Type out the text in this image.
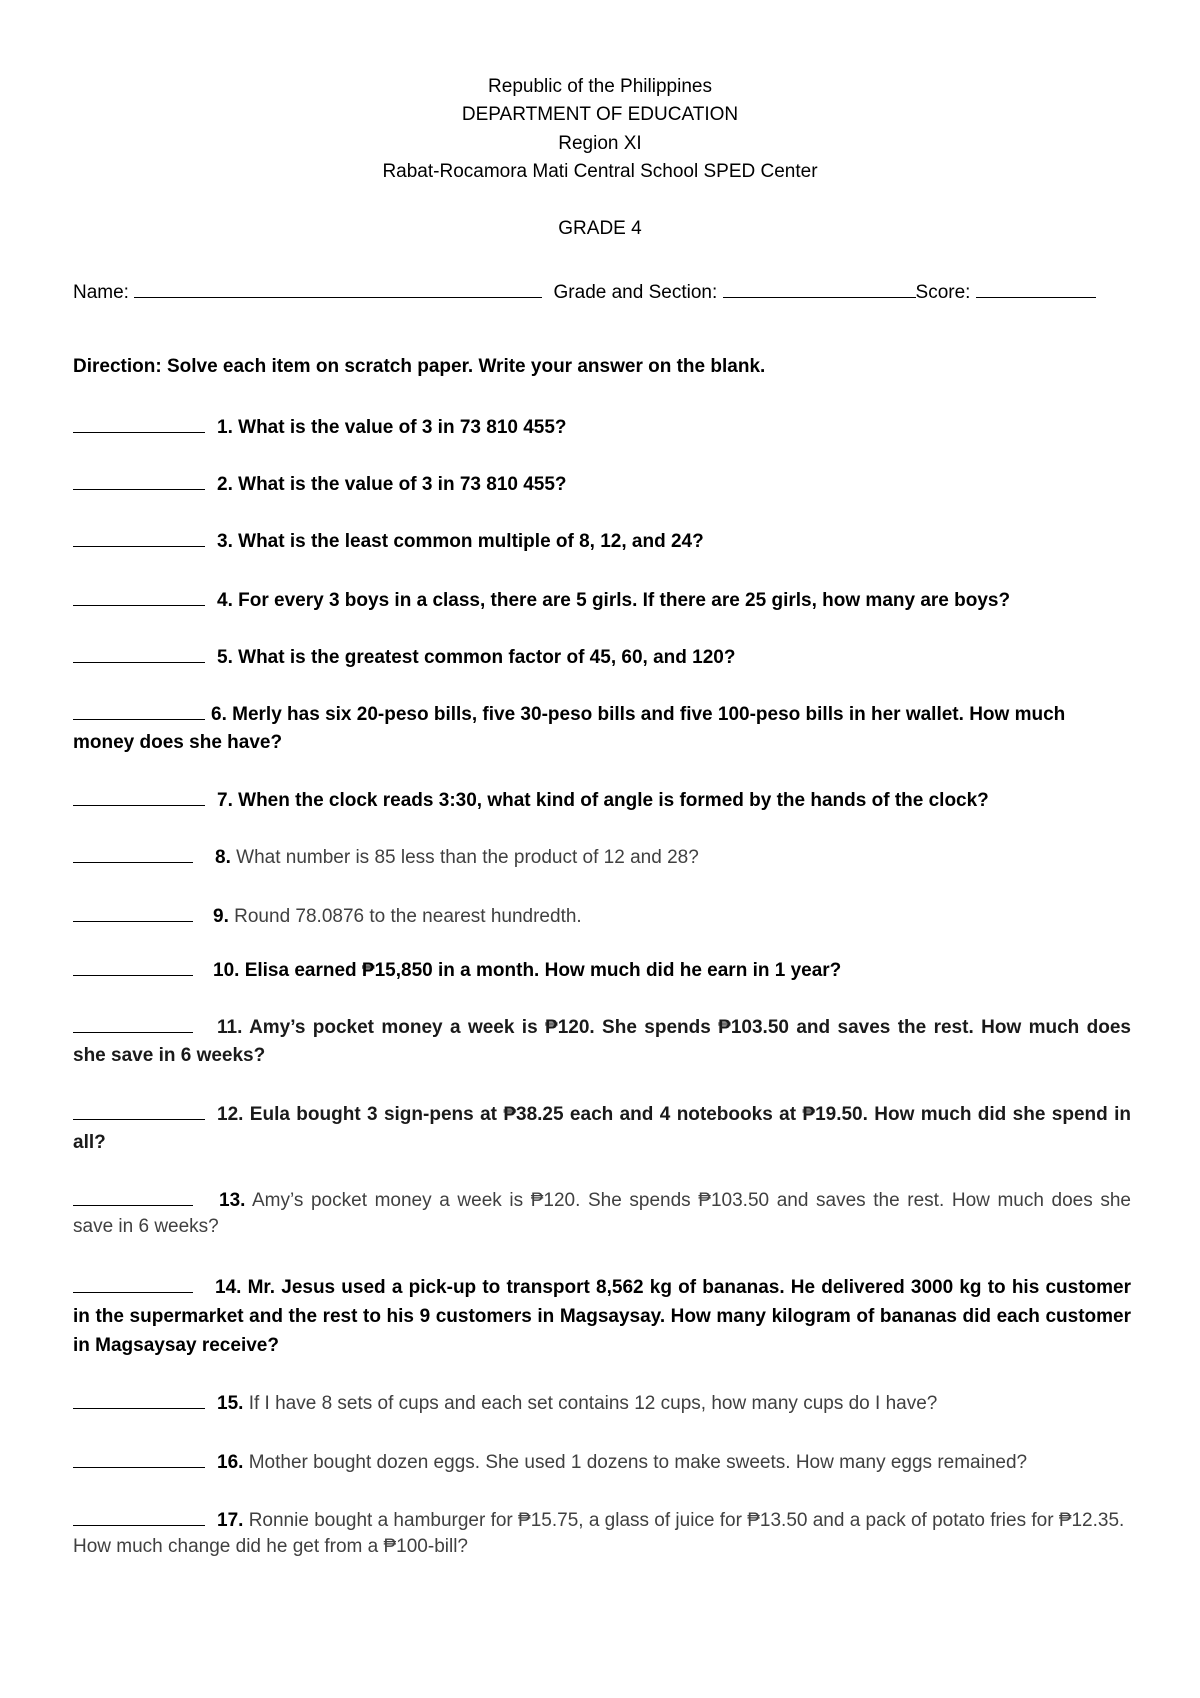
Republic of the Philippines
DEPARTMENT OF EDUCATION
Region XI
Rabat-Rocamora Mati Central School SPED Center
GRADE 4
Name:	Grade and Section:	Score:
Direction: Solve each item on scratch paper. Write your answer on the blank.
1. What is the value of 3 in 73 810 455?
2. What is the value of 3 in 73 810 455?
3. What is the least common multiple of 8, 12, and 24?
4. For every 3 boys in a class, there are 5 girls. If there are 25 girls, how many are boys?
5. What is the greatest common factor of 45, 60, and 120?
6. Merly has six 20-peso bills, five 30-peso bills and five 100-peso bills in her wallet. How much money does she have?
7. When the clock reads 3:30, what kind of angle is formed by the hands of the clock?
8. What number is 85 less than the product of 12 and 28?
9. Round 78.0876 to the nearest hundredth.
10. Elisa earned ₱15,850 in a month. How much did he earn in 1 year?
11. Amy’s pocket money a week is ₱120. She spends ₱103.50 and saves the rest. How much does she save in 6 weeks?
12. Eula bought 3 sign-pens at ₱38.25 each and 4 notebooks at ₱19.50. How much did she spend in all?
13. Amy’s pocket money a week is ₱120. She spends ₱103.50 and saves the rest. How much does she save in 6 weeks?
14. Mr. Jesus used a pick-up to transport 8,562 kg of bananas. He delivered 3000 kg to his customer in the supermarket and the rest to his 9 customers in Magsaysay. How many kilogram of bananas did each customer in Magsaysay receive?
15. If I have 8 sets of cups and each set contains 12 cups, how many cups do I have?
16. Mother bought dozen eggs. She used 1 dozens to make sweets. How many eggs remained?
17. Ronnie bought a hamburger for ₱15.75, a glass of juice for ₱13.50 and a pack of potato fries for ₱12.35. How much change did he get from a ₱100-bill?
